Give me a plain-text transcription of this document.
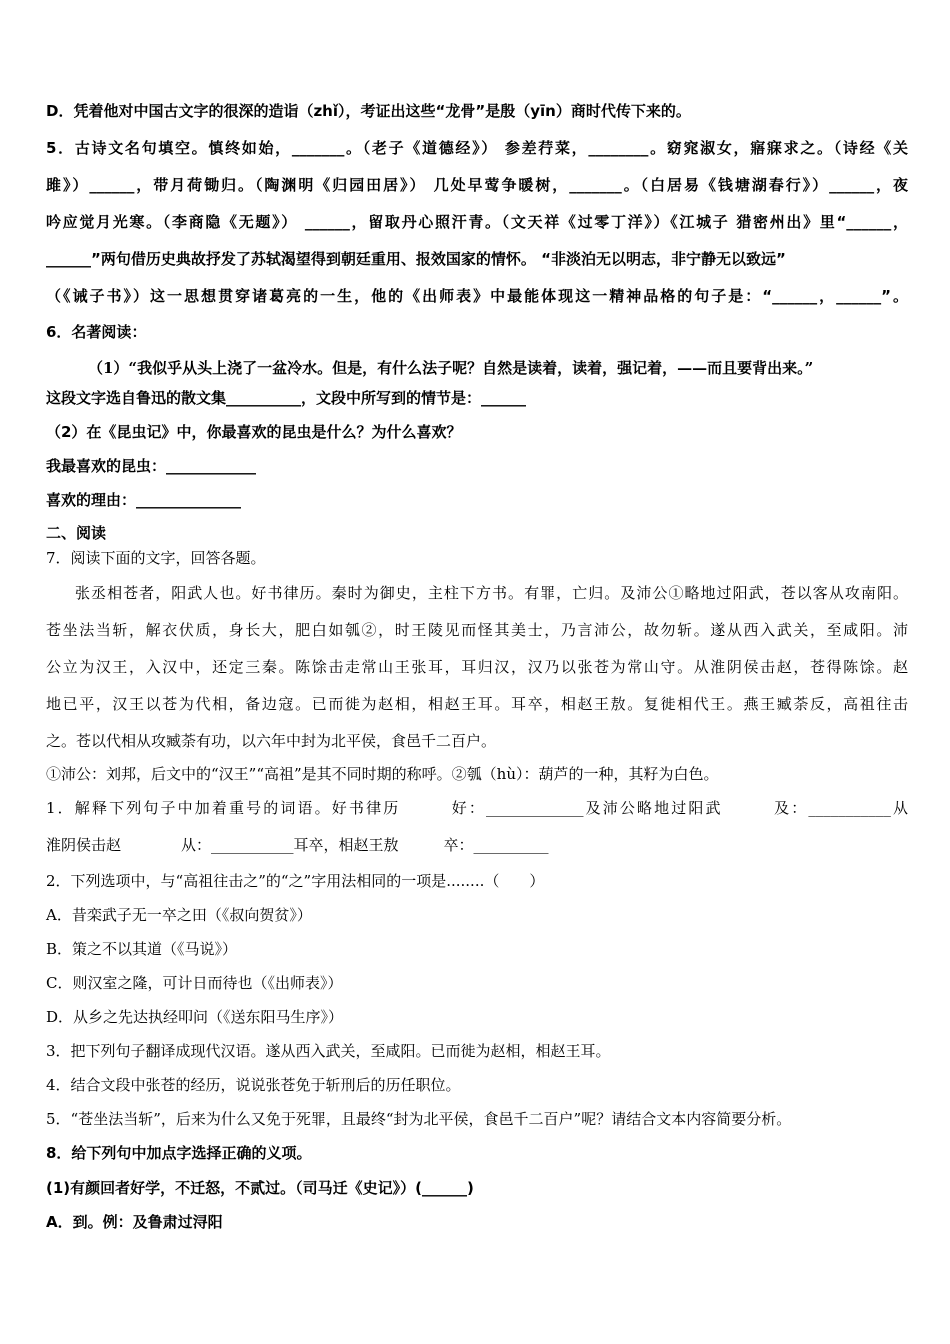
D．凭着他对中国古文字的很深的造诣（zhǐ），考证出这些“龙骨”是殷（yīn）商时代传下来的。
5．古诗文名句填空。慎终如始，_______。（老子《道德经》） 参差荇菜，________。窈窕淑女，寤寐求之。（诗经《关
雎》）______，带月荷锄归。（陶渊明《归园田居》） 几处早莺争暖树，_______。（白居易《钱塘湖春行》）______，夜
吟应觉月光寒。（李商隐《无题》） ______，留取丹心照汗青。（文天祥《过零丁洋》）《江城子 猎密州出》里“______，
______”两句借历史典故抒发了苏轼渴望得到朝廷重用、报效国家的情怀。 “非淡泊无以明志，非宁静无以致远”
（《诫子书》）这一思想贯穿诸葛亮的一生，他的《出师表》中最能体现这一精神品格的句子是：“______，______”。
6．名著阅读：
（1）“我似乎从头上浇了一盆冷水。但是，有什么法子呢？自然是读着，读着，强记着，——而且要背出来。”
这段文字选自鲁迅的散文集__________，文段中所写到的情节是：______
（2）在《昆虫记》中，你最喜欢的昆虫是什么？为什么喜欢？
我最喜欢的昆虫：____________
喜欢的理由：______________
二、阅读
7．阅读下面的文字，回答各题。
张丞相苍者，阳武人也。好书律历。秦时为御史，主柱下方书。有罪，亡归。及沛公①略地过阳武，苍以客从攻南阳。
苍坐法当斩，解衣伏质，身长大，肥白如瓠②，时王陵见而怪其美士，乃言沛公，故勿斩。遂从西入武关，至咸阳。沛
公立为汉王，入汉中，还定三秦。陈馀击走常山王张耳，耳归汉，汉乃以张苍为常山守。从淮阴侯击赵，苍得陈馀。赵
地已平，汉王以苍为代相，备边寇。已而徙为赵相，相赵王耳。耳卒，相赵王敖。复徙相代王。燕王臧荼反，高祖往击
之。苍以代相从攻臧荼有功，以六年中封为北平侯，食邑千二百户。
①沛公：刘邦，后文中的“汉王”“高祖”是其不同时期的称呼。②瓠（hù）：葫芦的一种，其籽为白色。
1．解释下列句子中加着重号的词语。好书律历　　　好：_____________及沛公略地过阳武　　　及：___________从
淮阴侯击赵　　　　从：___________耳卒，相赵王敖　　　卒：__________
2．下列选项中，与“高祖往击之”的“之”字用法相同的一项是........（　　）
A．昔栾武子无一卒之田（《叔向贺贫》）
B．策之不以其道（《马说》）
C．则汉室之隆，可计日而待也（《出师表》）
D．从乡之先达执经叩问（《送东阳马生序》）
3．把下列句子翻译成现代汉语。遂从西入武关，至咸阳。已而徙为赵相，相赵王耳。
4．结合文段中张苍的经历，说说张苍免于斩刑后的历任职位。
5．“苍坐法当斩”，后来为什么又免于死罪，且最终“封为北平侯，食邑千二百户”呢？请结合文本内容简要分析。
8．给下列句中加点字选择正确的义项。
(1)有颜回者好学，不迁怒，不贰过。（司马迁《史记》）(______)
A．到。例：及鲁肃过浔阳
